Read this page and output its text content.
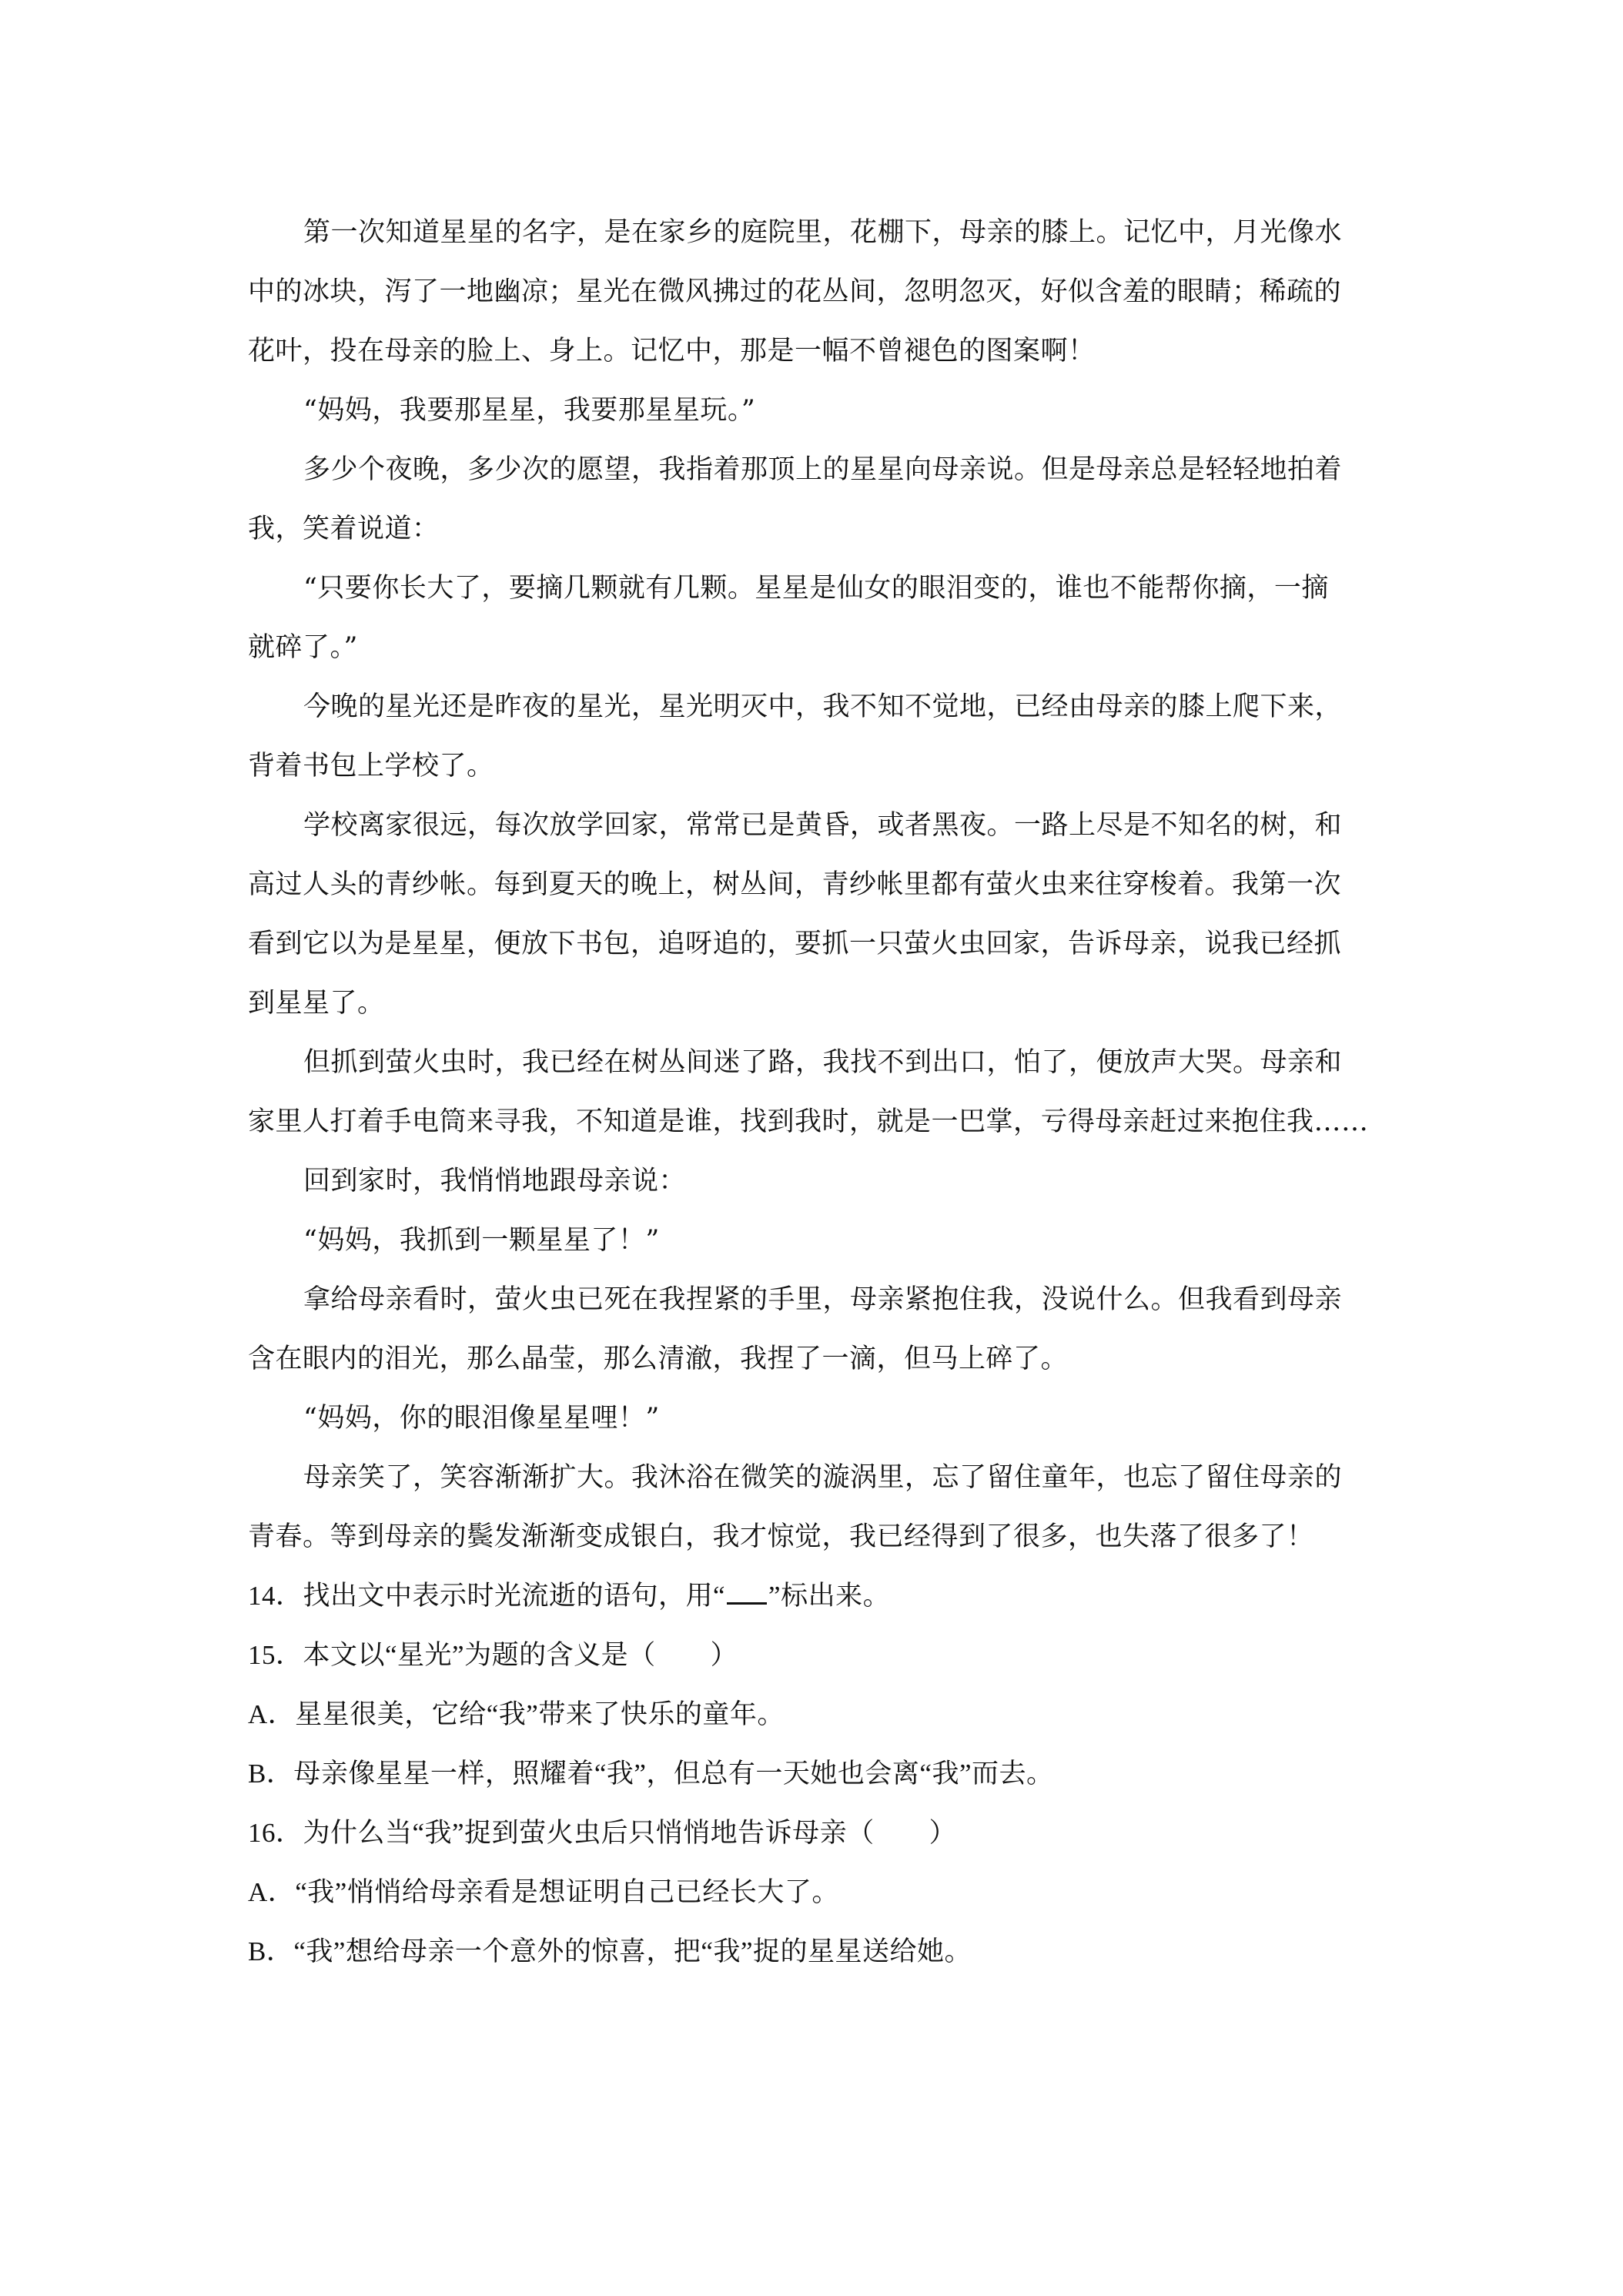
第一次知道星星的名字，是在家乡的庭院里，花棚下，母亲的膝上。记忆中，月光像水
中的冰块，泻了一地幽凉；星光在微风拂过的花丛间，忽明忽灭，好似含羞的眼睛；稀疏的
花叶，投在母亲的脸上、身上。记忆中，那是一幅不曾褪色的图案啊！
“妈妈，我要那星星，我要那星星玩。”
多少个夜晚，多少次的愿望，我指着那顶上的星星向母亲说。但是母亲总是轻轻地拍着
我，笑着说道：
“只要你长大了，要摘几颗就有几颗。星星是仙女的眼泪变的，谁也不能帮你摘，一摘
就碎了。”
今晚的星光还是昨夜的星光，星光明灭中，我不知不觉地，已经由母亲的膝上爬下来，
背着书包上学校了。
学校离家很远，每次放学回家，常常已是黄昏，或者黑夜。一路上尽是不知名的树，和
高过人头的青纱帐。每到夏天的晚上，树丛间，青纱帐里都有萤火虫来往穿梭着。我第一次
看到它以为是星星，便放下书包，追呀追的，要抓一只萤火虫回家，告诉母亲，说我已经抓
到星星了。
但抓到萤火虫时，我已经在树丛间迷了路，我找不到出口，怕了，便放声大哭。母亲和
家里人打着手电筒来寻我，不知道是谁，找到我时，就是一巴掌，亏得母亲赶过来抱住我……
回到家时，我悄悄地跟母亲说：
“妈妈，我抓到一颗星星了！”
拿给母亲看时，萤火虫已死在我捏紧的手里，母亲紧抱住我，没说什么。但我看到母亲
含在眼内的泪光，那么晶莹，那么清澈，我捏了一滴，但马上碎了。
“妈妈，你的眼泪像星星哩！”
母亲笑了，笑容渐渐扩大。我沐浴在微笑的漩涡里，忘了留住童年，也忘了留住母亲的
青春。等到母亲的鬓发渐渐变成银白，我才惊觉，我已经得到了很多，也失落了很多了！
14．找出文中表示时光流逝的语句，用“ ”标出来。
15．本文以“星光”为题的含义是（　　）
A．星星很美，它给“我”带来了快乐的童年。
B．母亲像星星一样，照耀着“我”，但总有一天她也会离“我”而去。
16．为什么当“我”捉到萤火虫后只悄悄地告诉母亲（　　）
A．“我”悄悄给母亲看是想证明自己已经长大了。
B．“我”想给母亲一个意外的惊喜，把“我”捉的星星送给她。
